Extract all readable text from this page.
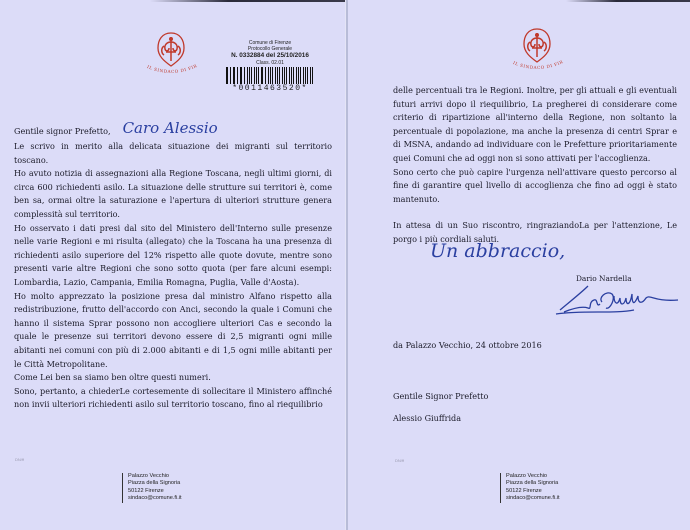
IL SINDACO DI FIR
Comune di Firenze
Protocollo Generale
N. 0332884 del 25/10/2016
Class. 02.01
*0011463520*
Gentile signor Prefetto, Caro Alessio

Le scrivo in merito alla delicata situazione dei migranti sul territorio toscano.

Ho avuto notizia di assegnazioni alla Regione Toscana, negli ultimi giorni, di circa 600 richiedenti asilo. La situazione delle strutture sui territori è, come ben sa, ormai oltre la saturazione e l'apertura di ulteriori strutture genera complessità sul territorio.

Ho osservato i dati presi dal sito del Ministero dell'Interno sulle presenze nelle varie Regioni e mi risulta (allegato) che la Toscana ha una presenza di richiedenti asilo superiore del 12% rispetto alle quote dovute, mentre sono presenti varie altre Regioni che sono sotto quota (per fare alcuni esempi: Lombardia, Lazio, Campania, Emilia Romagna, Puglia, Valle d'Aosta).

Ho molto apprezzato la posizione presa dal ministro Alfano rispetto alla redistribuzione, frutto dell'accordo con Anci, secondo la quale i Comuni che hanno il sistema Sprar possono non accogliere ulteriori Cas e secondo la quale le presenze sui territori devono essere di 2,5 migranti ogni mille abitanti nei comuni con più di 2.000 abitanti e di 1,5 ogni mille abitanti per le Città Metropolitane.

Come Lei ben sa siamo ben oltre questi numeri.

Sono, pertanto, a chiederLe cortesemente di sollecitare il Ministero affinché non invii ulteriori richiedenti asilo sul territorio toscano, fino al riequilibrio

DN/ff
Palazzo Vecchio
Piazza della Signoria
50122 Firenze
sindaco@comune.fi.it
IL SINDACO DI FIR

delle percentuali tra le Regioni. Inoltre, per gli attuali e gli eventuali futuri arrivi dopo il riequilibrio, La pregherei di considerare come criterio di ripartizione all'interno della Regione, non soltanto la percentuale di popolazione, ma anche la presenza di centri Sprar e di MSNA, andando ad individuare con le Prefetture prioritariamente quei Comuni che ad oggi non si sono attivati per l'accoglienza.

Sono certo che può capire l'urgenza nell'attivare questo percorso al fine di garantire quel livello di accoglienza che fino ad oggi è stato mantenuto.

In attesa di un Suo riscontro, ringraziandoLa per l'attenzione, Le porgo i più cordiali saluti.

Un abbraccio,
Dario Nardella
da Palazzo Vecchio, 24 ottobre 2016
Gentile Signor Prefetto
Alessio Giuffrida
DN/ff
Palazzo Vecchio
Piazza della Signoria
50122 Firenze
sindaco@comune.fi.it
